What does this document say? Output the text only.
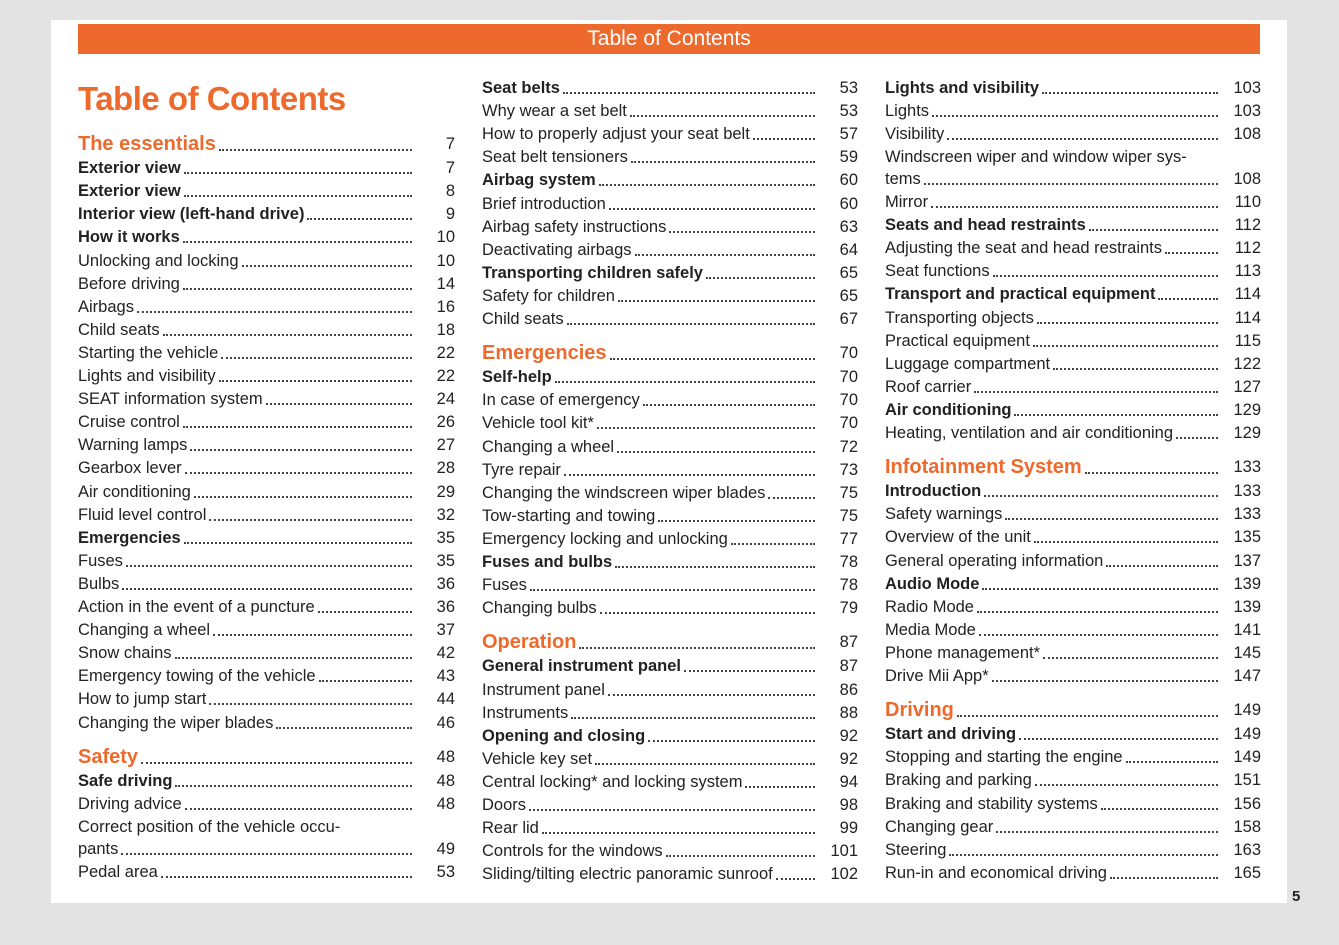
Table of Contents
Table of Contents
The essentials	7
Exterior view	7
Exterior view	8
Interior view (left-hand drive)	9
How it works	10
Unlocking and locking	10
Before driving	14
Airbags	16
Child seats	18
Starting the vehicle	22
Lights and visibility	22
SEAT information system	24
Cruise control	26
Warning lamps	27
Gearbox lever	28
Air conditioning	29
Fluid level control	32
Emergencies	35
Fuses	35
Bulbs	36
Action in the event of a puncture	36
Changing a wheel	37
Snow chains	42
Emergency towing of the vehicle	43
How to jump start	44
Changing the wiper blades	46
Safety	48
Safe driving	48
Driving advice	48
Correct position of the vehicle occu-
pants	49
Pedal area	53
Seat belts	53
Why wear a set belt	53
How to properly adjust your seat belt	57
Seat belt tensioners	59
Airbag system	60
Brief introduction	60
Airbag safety instructions	63
Deactivating airbags	64
Transporting children safely	65
Safety for children	65
Child seats	67
Emergencies	70
Self-help	70
In case of emergency	70
Vehicle tool kit*	70
Changing a wheel	72
Tyre repair	73
Changing the windscreen wiper blades	75
Tow-starting and towing	75
Emergency locking and unlocking	77
Fuses and bulbs	78
Fuses	78
Changing bulbs	79
Operation	87
General instrument panel	87
Instrument panel	86
Instruments	88
Opening and closing	92
Vehicle key set	92
Central locking* and locking system	94
Doors	98
Rear lid	99
Controls for the windows	101
Sliding/tilting electric panoramic sunroof	102
Lights and visibility	103
Lights	103
Visibility	108
Windscreen wiper and window wiper sys-
tems	108
Mirror	110
Seats and head restraints	112
Adjusting the seat and head restraints	112
Seat functions	113
Transport and practical equipment	114
Transporting objects	114
Practical equipment	115
Luggage compartment	122
Roof carrier	127
Air conditioning	129
Heating, ventilation and air conditioning	129
Infotainment System	133
Introduction	133
Safety warnings	133
Overview of the unit	135
General operating information	137
Audio Mode	139
Radio Mode	139
Media Mode	141
Phone management*	145
Drive Mii App*	147
Driving	149
Start and driving	149
Stopping and starting the engine	149
Braking and parking	151
Braking and stability systems	156
Changing gear	158
Steering	163
Run-in and economical driving	165
5
